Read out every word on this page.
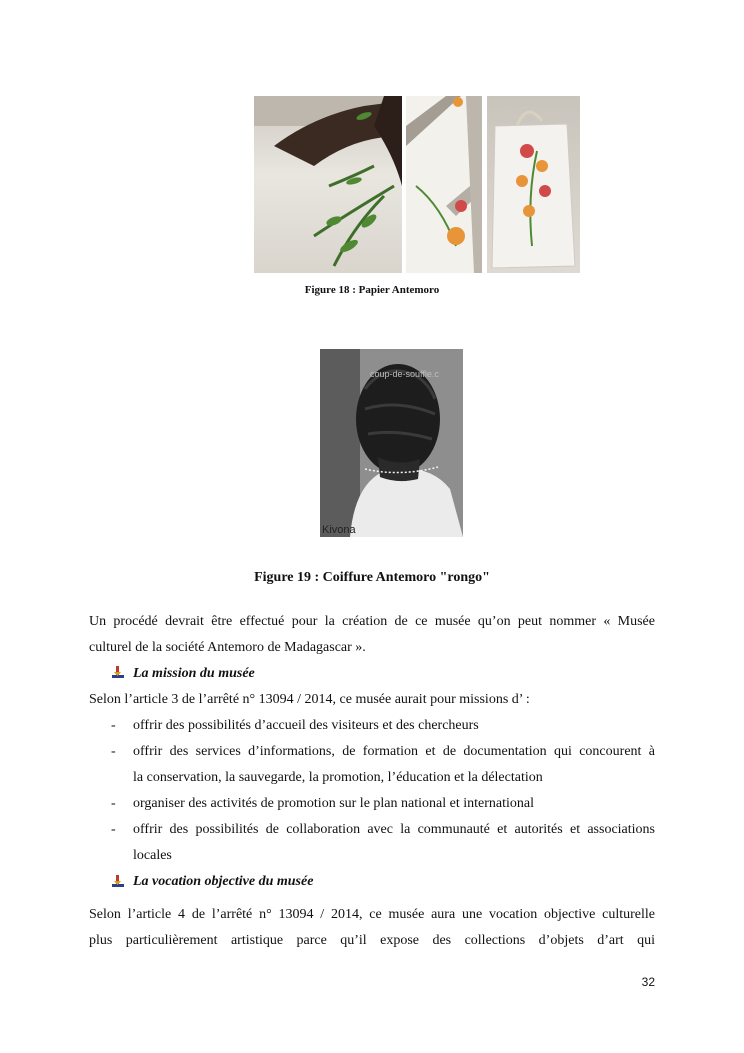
Figure 18 : Papier Antemoro
coup-de-souffle.c
Kivona
Figure 19 : Coiffure Antemoro "rongo"
Un procédé devrait être effectué pour la création de ce musée qu’on peut nommer « Musée
culturel de la société Antemoro de Madagascar ».
La mission du musée
Selon l’article 3 de l’arrêté n° 13094 / 2014, ce musée aurait pour missions d’ :
- offrir des possibilités d’accueil des visiteurs et des chercheurs
- offrir des services d’informations, de formation et de documentation qui concourent à
la conservation, la sauvegarde, la promotion, l’éducation et la délectation
- organiser des activités de promotion sur le plan national et international
- offrir des possibilités de collaboration avec la communauté et autorités et associations
locales
La vocation objective du musée
Selon l’article 4 de l’arrêté n° 13094 / 2014, ce musée aura une vocation objective culturelle
plus particulièrement artistique parce qu’il expose des collections d’objets d’art qui
32
